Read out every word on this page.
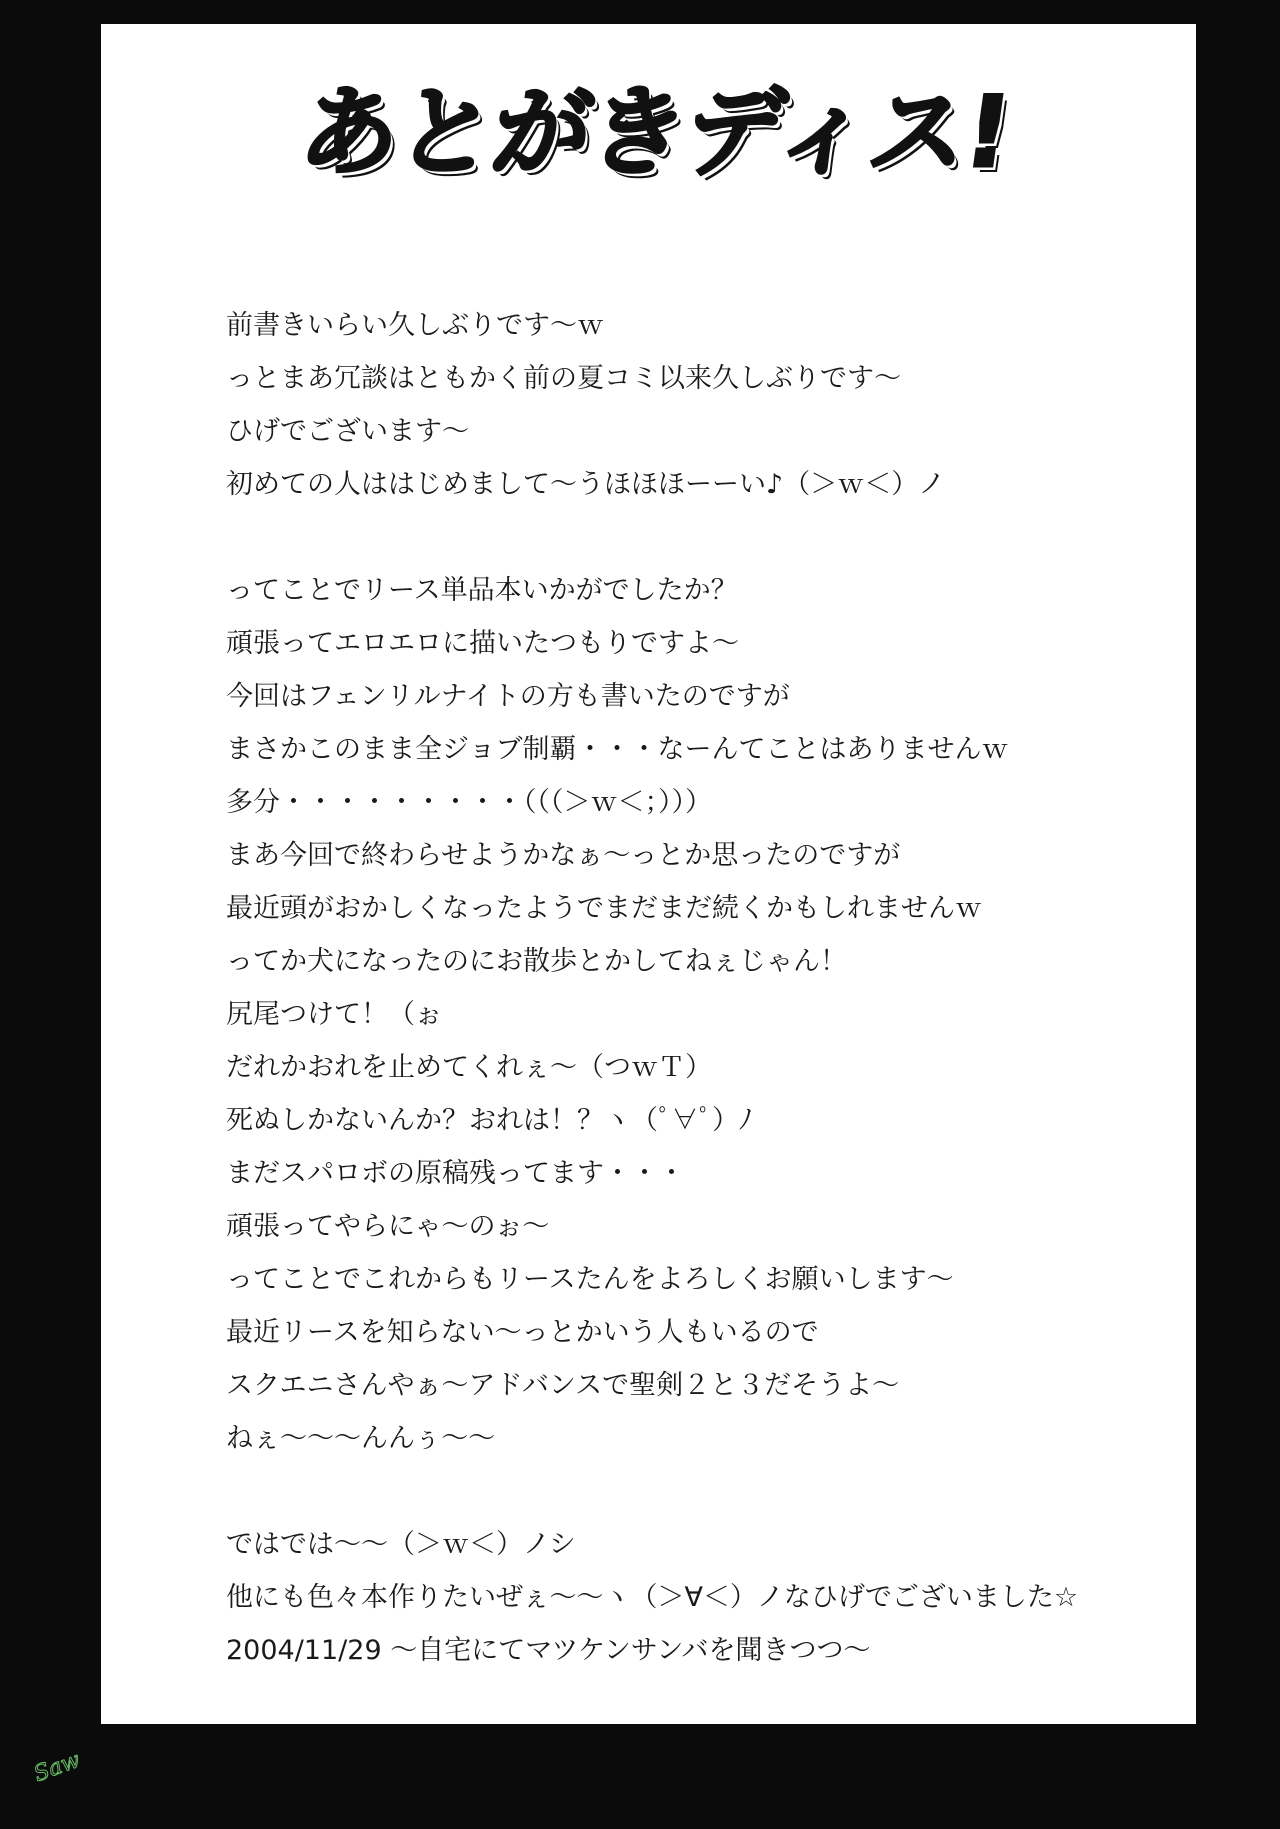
あとがきディス!
前書きいらい久しぶりです～ｗ
っとまあ冗談はともかく前の夏コミ以来久しぶりです～
ひげでございます～
初めての人ははじめまして～うほほほーーい♪（＞ｗ＜）ノ
ってことでリース単品本いかがでしたか？
頑張ってエロエロに描いたつもりですよ～
今回はフェンリルナイトの方も書いたのですが
まさかこのまま全ジョブ制覇・・・なーんてことはありませんｗ
多分・・・・・・・・・（（（＞ｗ＜；）））
まあ今回で終わらせようかなぁ～っとか思ったのですが
最近頭がおかしくなったようでまだまだ続くかもしれませんｗ
ってか犬になったのにお散歩とかしてねぇじゃん！
尻尾つけて！（ぉ
だれかおれを止めてくれぇ～（つｗＴ）
死ぬしかないんか？おれは！？ヽ（ﾟ∀ﾟ）ﾉ
まだスパロボの原稿残ってます・・・
頑張ってやらにゃ～のぉ～
ってことでこれからもリースたんをよろしくお願いします～
最近リースを知らない～っとかいう人もいるので
スクエニさんやぁ～アドバンスで聖剣２と３だそうよ～
ねぇ～～～んんぅ～～
ではでは～～（＞ｗ＜）ノシ
他にも色々本作りたいぜぇ～～ヽ（＞∀＜）ノなひげでございました☆
2004/11/29 ～自宅にてマツケンサンバを聞きつつ～
Saw
